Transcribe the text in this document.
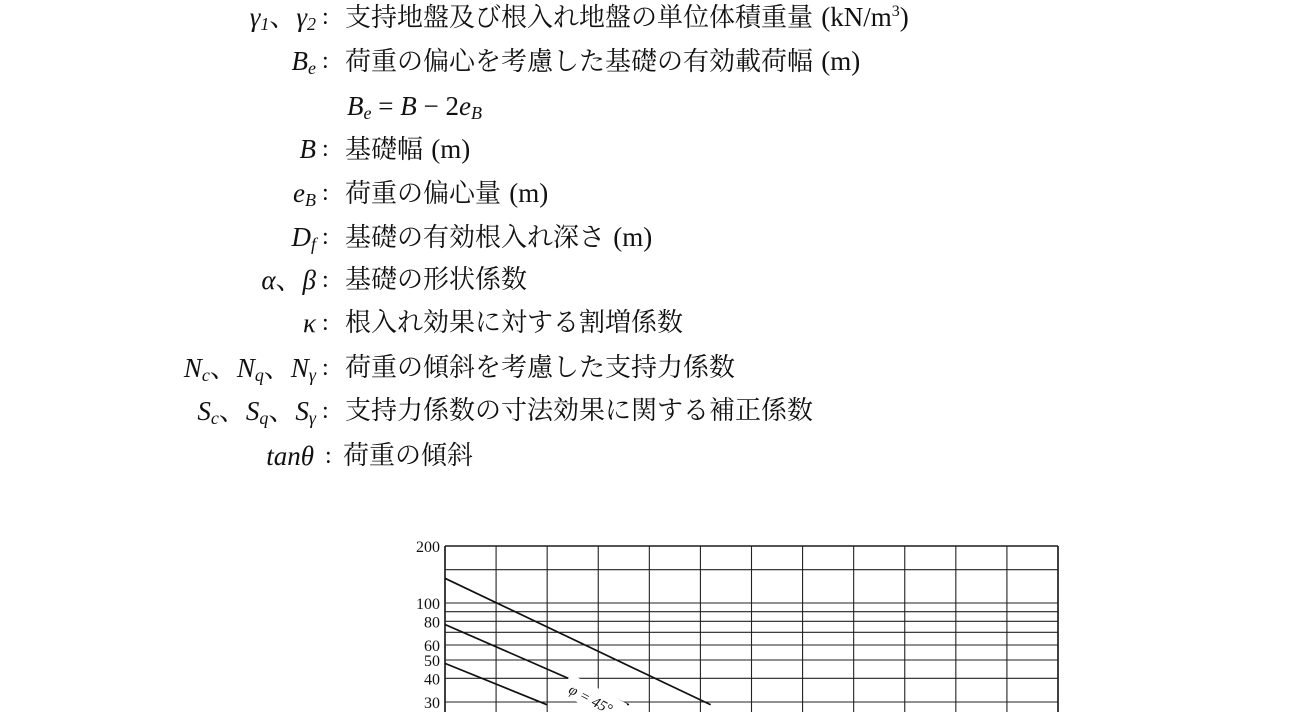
$\gamma_1$、$\gamma_2$ : 支持地盤及び根入れ地盤の単位体積重量 $(kN/m^3)$
$B_e$ : 荷重の偏心を考慮した基礎の有効載荷幅 (m)
$B_e = B - 2e_B$
B : 基礎幅 (m)
$e_B$ : 荷重の偏心量 (m)
$D_f$ : 基礎の有効根入れ深さ (m)
α、β : 基礎の形状係数
κ : 根入れ効果に対する割増係数
$N_c$、$N_q$、$N_\gamma$ : 荷重の傾斜を考慮した支持力係数
$S_c$、$S_q$、$S_\gamma$ : 支持力係数の寸法効果に関する補正係数
tanθ : 荷重の傾斜
200
100
80
60
50
40
30	φ = 45°
